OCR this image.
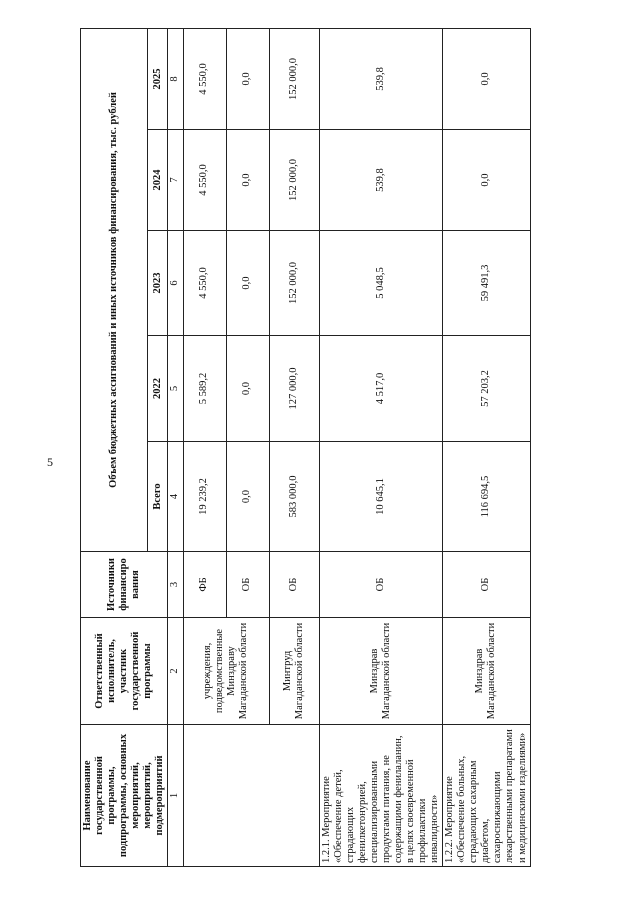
5
Наименование государственной программы, подпрограммы, основных мероприятий, мероприятий, подмероприятий	Ответственный исполнитель, участник государственной программы	Источники финансиро вания	Объем бюджетных ассигнований и иных источников финансирования, тыс. рублей				
			Всего	2022	2023	2024	2025
1	2	3	4	5	6	7	8
	учреждения, подведомственные Минздраву Магаданской области	ФБ	19 239,2	5 589,2	4 550,0	4 550,0	4 550,0
		ОБ	0,0	0,0	0,0	0,0	0,0
	Минтруд Магаданской области	ОБ	583 000,0	127 000,0	152 000,0	152 000,0	152 000,0
1.2.1. Мероприятие «Обеспечение детей, страдающих фенилкетонурией, специализированными продуктами питания, не содержащими фенилаланин, в целях своевременной профилактики инвалидности»	Минздрав Магаданской области	ОБ	10 645,1	4 517,0	5 048,5	539,8	539,8
1.2.2. Мероприятие «Обеспечение больных, страдающих сахарным диабетом, сахароснижающими лекарственными препаратами и медицинскими изделиями»	Минздрав Магаданской области	ОБ	116 694,5	57 203,2	59 491,3	0,0	0,0
